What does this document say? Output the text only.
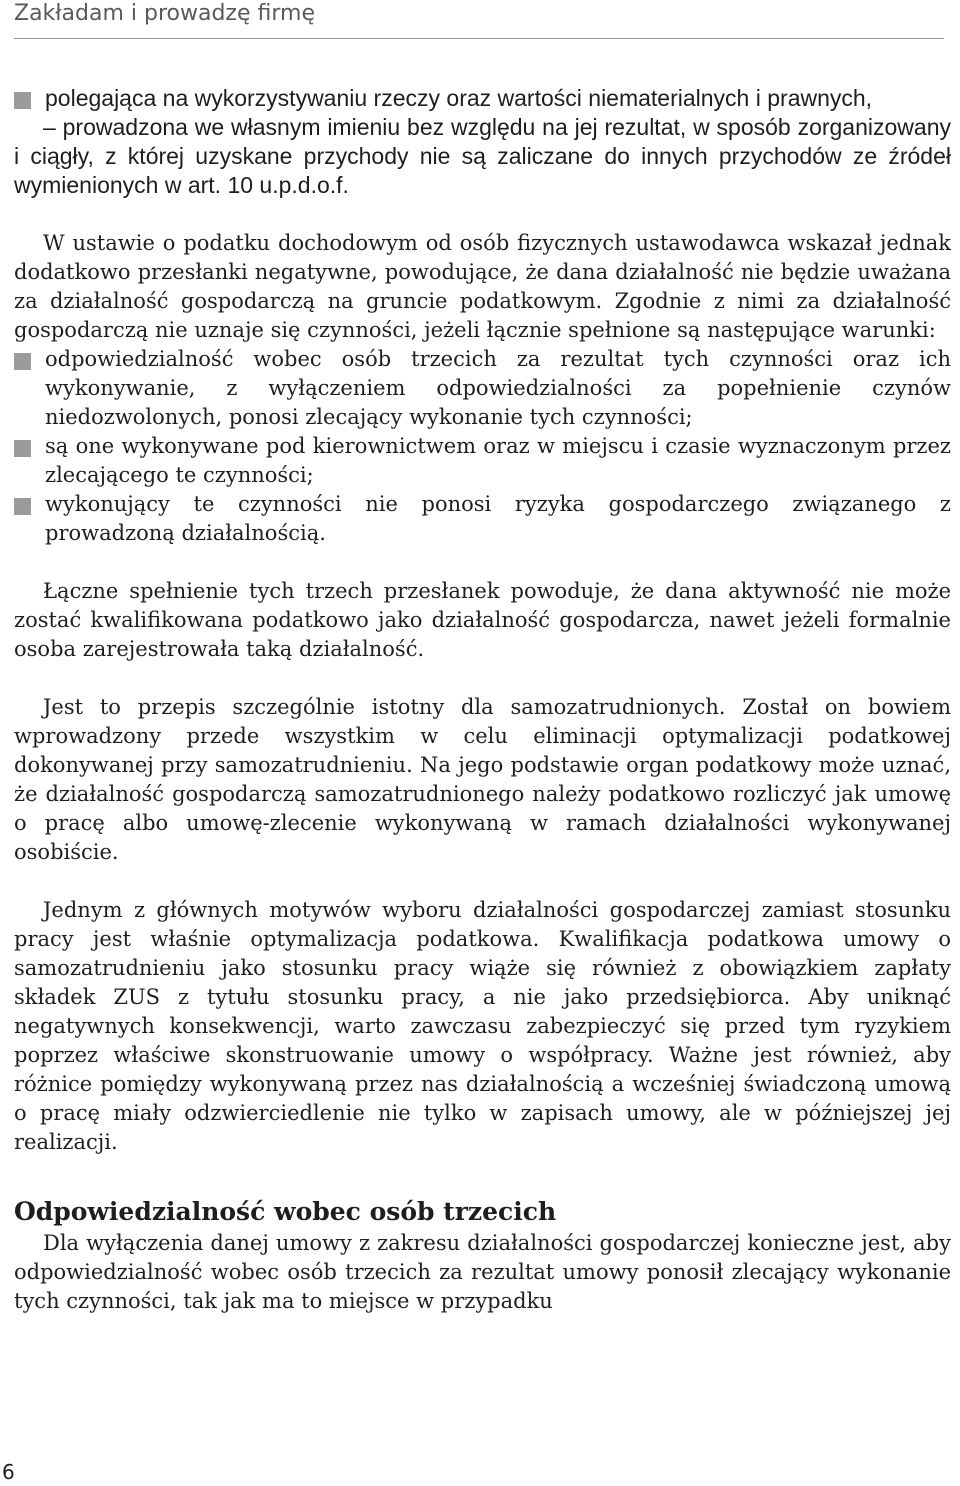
Zakładam i prowadzę firmę

polegająca na wykorzystywaniu rzeczy oraz wartości niematerialnych i prawnych,

– prowadzona we własnym imieniu bez względu na jej rezultat, w sposób zorganizowany i ciągły, z której uzyskane przychody nie są zaliczane do innych przychodów ze źródeł wymienionych w art. 10 u.p.d.o.f.

W ustawie o podatku dochodowym od osób fizycznych ustawodawca wskazał jednak dodatkowo przesłanki negatywne, powodujące, że dana działalność nie będzie uważana za działalność gospodarczą na gruncie podatkowym. Zgodnie z nimi za działalność gospodarczą nie uznaje się czynności, jeżeli łącznie spełnione są następujące warunki:

odpowiedzialność wobec osób trzecich za rezultat tych czynności oraz ich wykonywanie, z wyłączeniem odpowiedzialności za popełnienie czynów niedozwolonych, ponosi zlecający wykonanie tych czynności;

są one wykonywane pod kierownictwem oraz w miejscu i czasie wyznaczonym przez zlecającego te czynności;

wykonujący te czynności nie ponosi ryzyka gospodarczego związanego z prowadzoną działalnością.

Łączne spełnienie tych trzech przesłanek powoduje, że dana aktywność nie może zostać kwalifikowana podatkowo jako działalność gospodarcza, nawet jeżeli formalnie osoba zarejestrowała taką działalność.

Jest to przepis szczególnie istotny dla samozatrudnionych. Został on bowiem wprowadzony przede wszystkim w celu eliminacji optymalizacji podatkowej dokonywanej przy samozatrudnieniu. Na jego podstawie organ podatkowy może uznać, że działalność gospodarczą samozatrudnionego należy podatkowo rozliczyć jak umowę o pracę albo umowę-zlecenie wykonywaną w ramach działalności wykonywanej osobiście.

Jednym z głównych motywów wyboru działalności gospodarczej zamiast stosunku pracy jest właśnie optymalizacja podatkowa. Kwalifikacja podatkowa umowy o samozatrudnieniu jako stosunku pracy wiąże się również z obowiązkiem zapłaty składek ZUS z tytułu stosunku pracy, a nie jako przedsiębiorca. Aby uniknąć negatywnych konsekwencji, warto zawczasu zabezpieczyć się przed tym ryzykiem poprzez właściwe skonstruowanie umowy o współpracy. Ważne jest również, aby różnice pomiędzy wykonywaną przez nas działalnością a wcześniej świadczoną umową o pracę miały odzwierciedlenie nie tylko w zapisach umowy, ale w późniejszej jej realizacji.

Odpowiedzialność wobec osób trzecich

Dla wyłączenia danej umowy z zakresu działalności gospodarczej konieczne jest, aby odpowiedzialność wobec osób trzecich za rezultat umowy ponosił zlecający wykonanie tych czynności, tak jak ma to miejsce w przypadku

6
